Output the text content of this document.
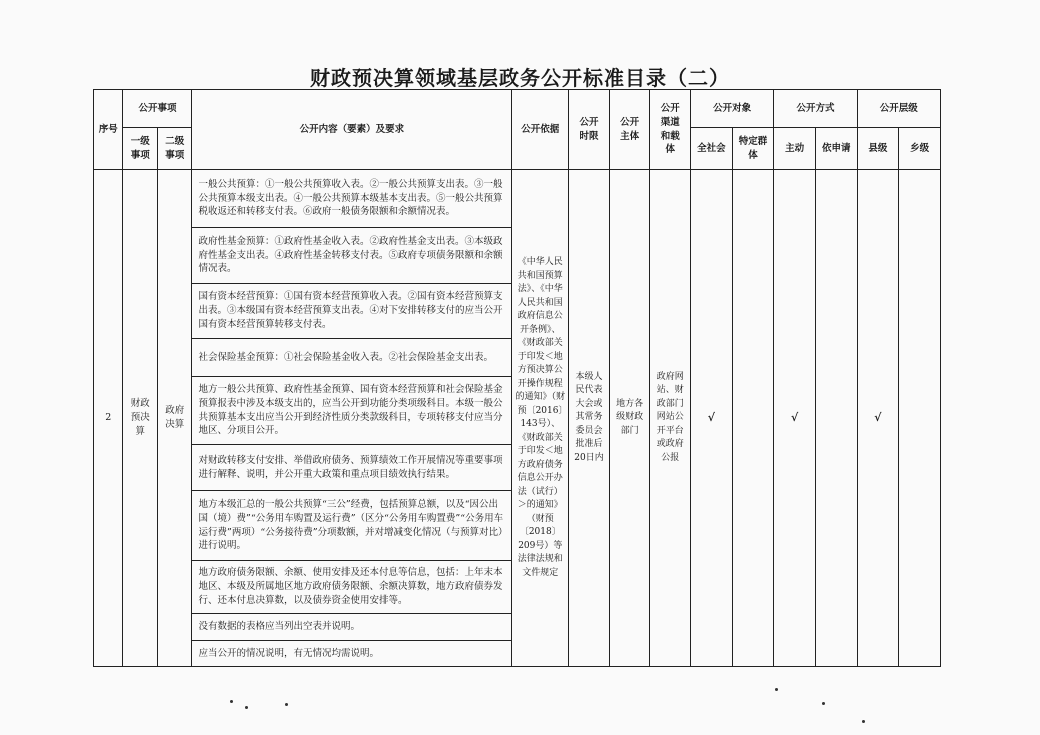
财政预决算领域基层政务公开标准目录（二）
序号	公开事项		公开内容（要素）及要求	公开依据	公开时限	公开主体	公开渠道和载体	公开对象		公开方式		公开层级	
	一级事项	二级事项						全社会	特定群体	主动	依申请	县级	乡级
2	财政预决算	政府决算	一般公共预算：①一般公共预算收入表。②一般公共预算支出表。③一般公共预算本级支出表。④一般公共预算本级基本支出表。⑤一般公共预算税收返还和转移支付表。⑥政府一般债务限额和余额情况表。	《中华人民共和国预算法》、《中华人民共和国政府信息公开条例》、《财政部关于印发＜地方预决算公开操作规程的通知》（财预〔2016〕143号）、《财政部关于印发＜地方政府债务信息公开办法（试行）＞的通知》（财预〔2018〕209号）等法律法规和文件规定	本级人民代表大会或其常务委员会批准后20日内	地方各级财政部门	政府网站、财政部门网站公开平台或政府公报	√		√		√	
			政府性基金预算：①政府性基金收入表。②政府性基金支出表。③本级政府性基金支出表。④政府性基金转移支付表。⑤政府专项债务限额和余额情况表。										
			国有资本经营预算：①国有资本经营预算收入表。②国有资本经营预算支出表。③本级国有资本经营预算支出表。④对下安排转移支付的应当公开国有资本经营预算转移支付表。										
			社会保险基金预算：①社会保险基金收入表。②社会保险基金支出表。										
			地方一般公共预算、政府性基金预算、国有资本经营预算和社会保险基金预算报表中涉及本级支出的，应当公开到功能分类项级科目。本级一般公共预算基本支出应当公开到经济性质分类款级科目，专项转移支付应当分地区、分项目公开。										
			对财政转移支付安排、举借政府债务、预算绩效工作开展情况等重要事项进行解释、说明，并公开重大政策和重点项目绩效执行结果。										
			地方本级汇总的一般公共预算“三公”经费，包括预算总额，以及“因公出国（境）费”“公务用车购置及运行费”（区分“公务用车购置费”“公务用车运行费”两项）“公务接待费”分项数额，并对增减变化情况（与预算对比）进行说明。										
			地方政府债务限额、余额、使用安排及还本付息等信息，包括：上年末本地区、本级及所属地区地方政府债务限额、余额决算数，地方政府债券发行、还本付息决算数，以及债券资金使用安排等。										
			没有数据的表格应当列出空表并说明。										
			应当公开的情况说明，有无情况均需说明。										
